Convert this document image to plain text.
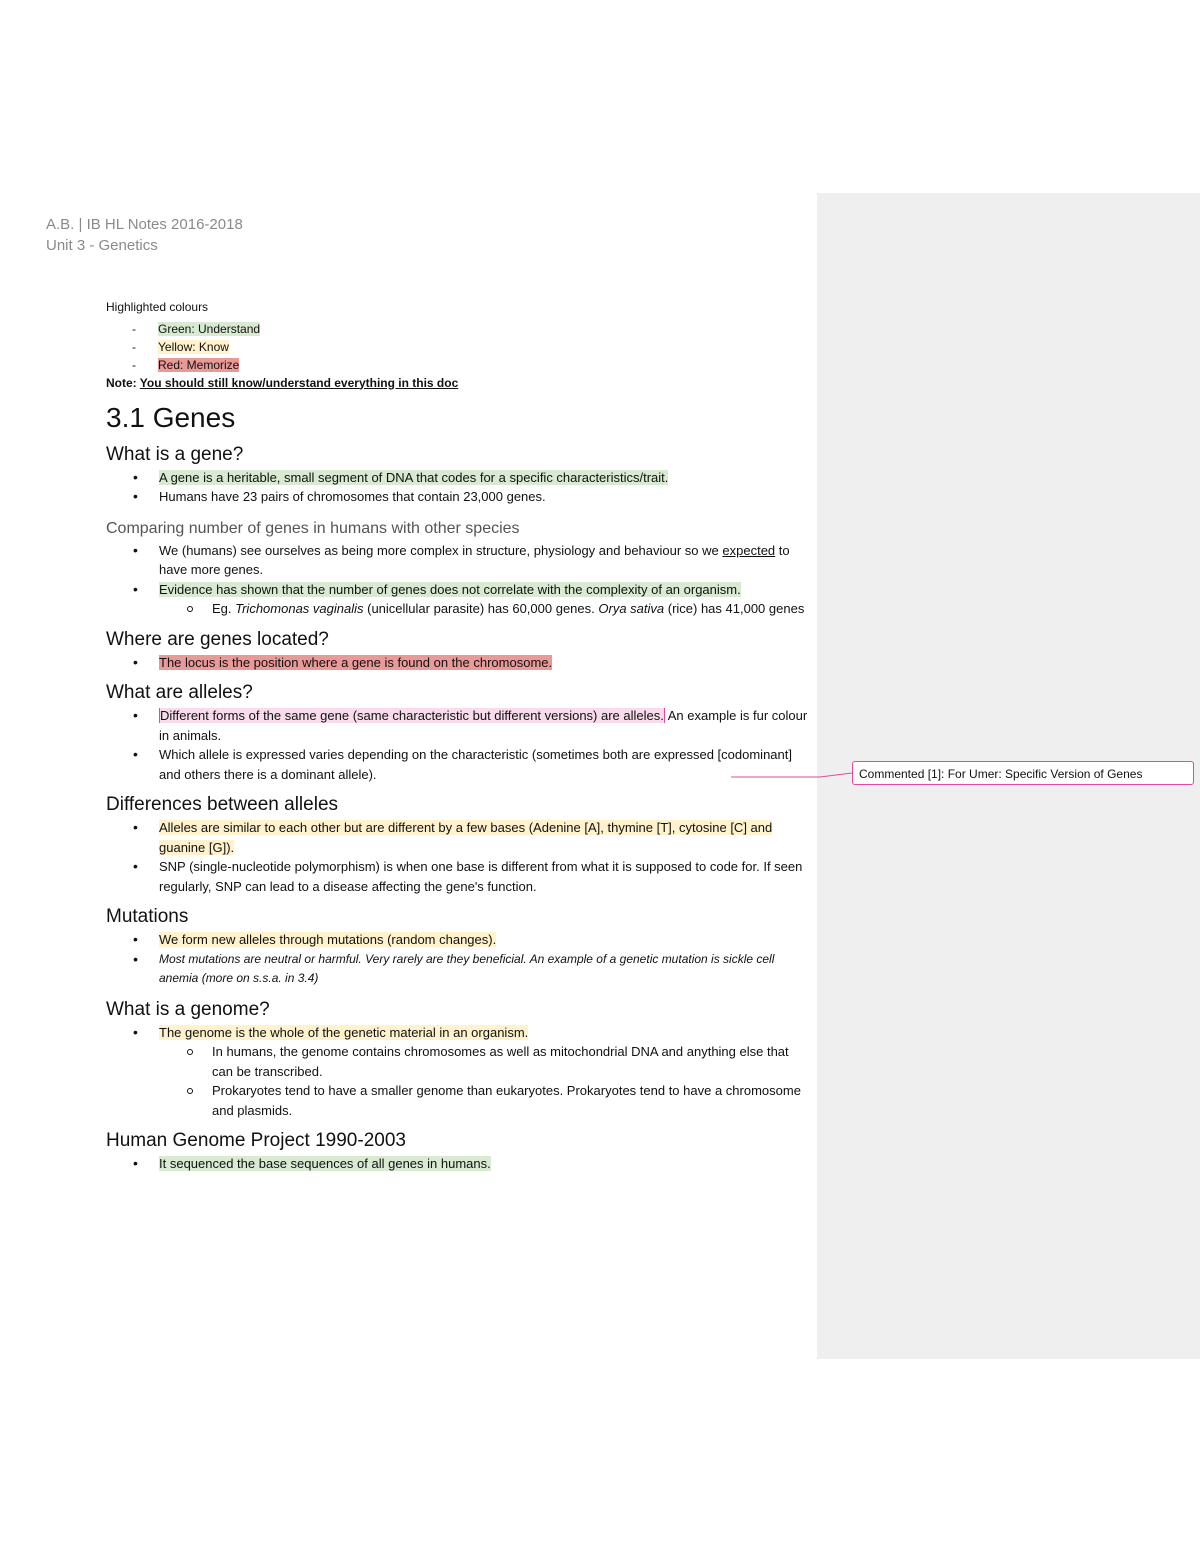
A.B. | IB HL Notes 2016-2018
Unit 3 - Genetics
Highlighted colours
- Green: Understand
- Yellow: Know
- Red: Memorize
Note: You should still know/understand everything in this doc
3.1 Genes
What is a gene?
• A gene is a heritable, small segment of DNA that codes for a specific characteristics/trait.
• Humans have 23 pairs of chromosomes that contain 23,000 genes.
Comparing number of genes in humans with other species
• We (humans) see ourselves as being more complex in structure, physiology and behaviour so we expected to have more genes.
• Evidence has shown that the number of genes does not correlate with the complexity of an organism.
Eg. Trichomonas vaginalis (unicellular parasite) has 60,000 genes. Orya sativa (rice) has 41,000 genes
Where are genes located?
• The locus is the position where a gene is found on the chromosome.
What are alleles?
• Different forms of the same gene (same characteristic but different versions) are alleles. An example is fur colour in animals.
• Which allele is expressed varies depending on the characteristic (sometimes both are expressed [codominant] and others there is a dominant allele).
Differences between alleles
• Alleles are similar to each other but are different by a few bases (Adenine [A], thymine [T], cytosine [C] and guanine [G]).
• SNP (single-nucleotide polymorphism) is when one base is different from what it is supposed to code for. If seen regularly, SNP can lead to a disease affecting the gene's function.
Mutations
• We form new alleles through mutations (random changes).
• Most mutations are neutral or harmful. Very rarely are they beneficial. An example of a genetic mutation is sickle cell anemia (more on s.s.a. in 3.4)
What is a genome?
• The genome is the whole of the genetic material in an organism.
In humans, the genome contains chromosomes as well as mitochondrial DNA and anything else that can be transcribed.
Prokaryotes tend to have a smaller genome than eukaryotes. Prokaryotes tend to have a chromosome and plasmids.
Human Genome Project 1990-2003
• It sequenced the base sequences of all genes in humans.
Commented [1]: For Umer: Specific Version of Genes
